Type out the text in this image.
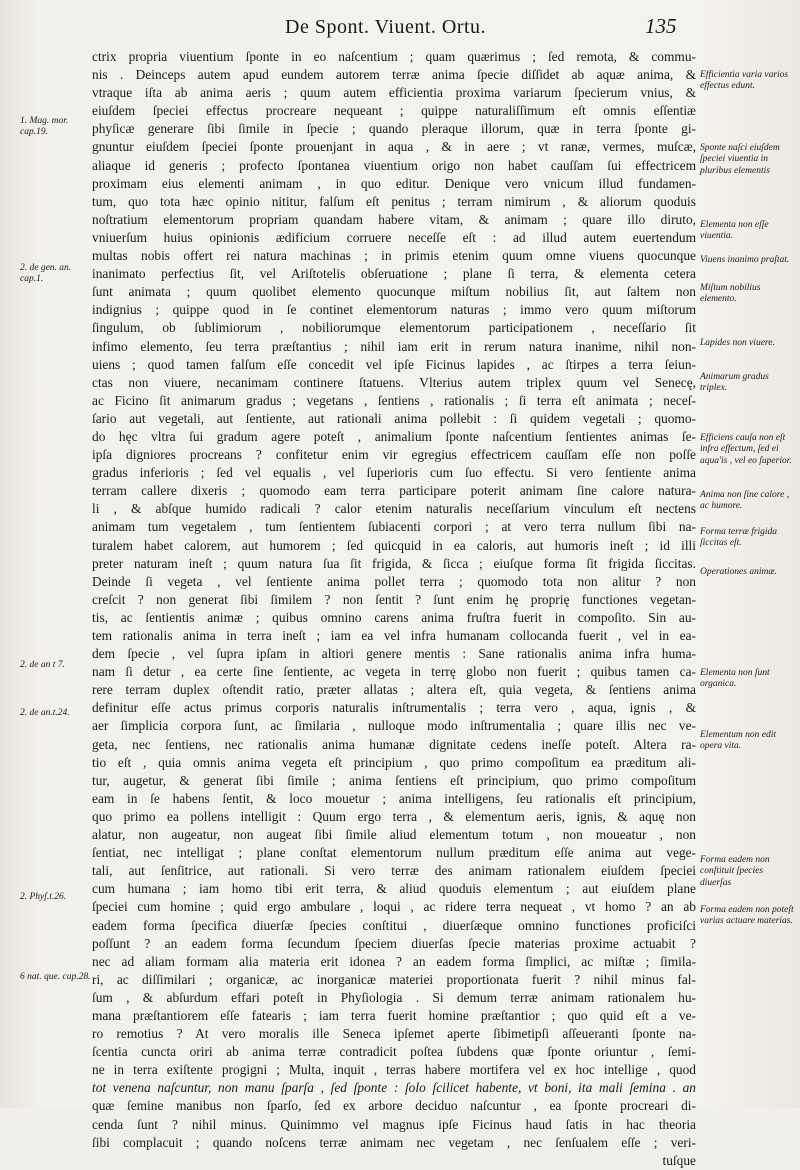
De Spont. Viuent. Ortu.	135
ctrix propria viuentium ſponte in eo naſcentium ; quam quærimus ; ſed remota, & commu-
nis . Deinceps autem apud eundem autorem terræ anima ſpecie diſſidet ab aquæ anima, &
vtraque iſta ab anima aeris ; quum autem efficientia proxima variarum ſpecierum vnius, &
eiuſdem ſpeciei effectus procreare nequeant ; quippe naturaliſſimum eſt omnis eſſentiæ
phyſicæ generare ſibi ſimile in ſpecie ; quando pleraque illorum, quæ in terra ſponte gi-
gnuntur eiuſdem ſpeciei ſponte prouenjant in aqua , & in aere ; vt ranæ, vermes, muſcæ,
aliaque id generis ; profecto ſpontanea viuentium origo non habet cauſſam ſui effectricem
proximam eius elementi animam , in quo editur. Denique vero vnicum illud fundamen-
tum, quo tota hæc opinio nititur, falſum eſt penitus ; terram nimirum , & aliorum quoduis
noſtratium elementorum propriam quandam habere vitam, & animam ; quare illo diruto,
vniuerſum huius opinionis ædificium corruere neceſſe eſt : ad illud autem euertendum
multas nobis offert rei natura machinas ; in primis etenim quum omne viuens quocunque
inanimato perfectius ſit, vel Ariſtotelis obſeruatione ; plane ſi terra, & elementa cetera
ſunt animata ; quum quolibet elemento quocunque miſtum nobilius ſit, aut ſaltem non
indignius ; quippe quod in ſe continet elementorum naturas ; immo vero quum miſtorum
ſingulum, ob ſublimiorum , nobiliorumque elementorum participationem , neceſſario ſit
infimo elemento, ſeu terra præſtantius ; nihil iam erit in rerum natura inanime, nihil non-
uiens ; quod tamen falſum eſſe concedit vel ipſe Ficinus lapides , ac ſtirpes a terra ſeiun-
ctas non viuere, necanimam continere ſtatuens. Vlterius autem triplex quum vel Senecę,
ac Ficino ſit animarum gradus ; vegetans , ſentiens , rationalis ; ſi terra eſt animata ; neceſ-
ſario aut vegetali, aut ſentiente, aut rationali anima pollebit : ſi quidem vegetali ; quomo-
do hęc vltra ſui gradum agere poteſt , animalium ſponte naſcentium ſentientes animas ſe-
ipſa digniores procreans ? confitetur enim vir egregius effectricem cauſſam eſſe non poſſe
gradus inferioris ; ſed vel equalis , vel ſuperioris cum ſuo effectu. Si vero ſentiente anima
terram callere dixeris ; quomodo eam terra participare poterit animam ſine calore natura-
li , & abſque humido radicali ? calor etenim naturalis neceſſarium vinculum eſt nectens
animam tum vegetalem , tum ſentientem ſubiacenti corpori ; at vero terra nullum ſibi na-
turalem habet calorem, aut humorem ; ſed quicquid in ea caloris, aut humoris ineſt ; id illi
preter naturam ineſt ; quum natura ſua ſit frigida, & ſicca ; eiuſque forma ſit frigida ſiccitas.
Deinde ſi vegeta , vel ſentiente anima pollet terra ; quomodo tota non alitur ? non
creſcit ? non generat ſibi ſimilem ? non ſentit ? ſunt enim hę proprię functiones vegetan-
tis, ac ſentientis animæ ; quibus omnino carens anima fruſtra fuerit in compoſito. Sin au-
tem rationalis anima in terra ineſt ; iam ea vel infra humanam collocanda fuerit , vel in ea-
dem ſpecie , vel ſupra ipſam in altiori genere mentis : Sane rationalis anima infra huma-
nam ſi detur , ea certe ſine ſentiente, ac vegeta in terrę globo non fuerit ; quibus tamen ca-
rere terram duplex oſtendit ratio, præter allatas ; altera eſt, quia vegeta, & ſentiens anima
definitur eſſe actus primus corporis naturalis inſtrumentalis ; terra vero , aqua, ignis , &
aer ſimplicia corpora ſunt, ac ſimilaria , nulloque modo inſtrumentalia ; quare illis nec ve-
geta, nec ſentiens, nec rationalis anima humanæ dignitate cedens ineſſe poteſt. Altera ra-
tio eſt , quia omnis anima vegeta eſt principium , quo primo compoſitum ea præditum ali-
tur, augetur, & generat ſibi ſimile ; anima ſentiens eſt principium, quo primo compoſitum
eam in ſe habens ſentit, & loco mouetur ; anima intelligens, ſeu rationalis eſt principium,
quo primo ea pollens intelligit : Quum ergo terra , & elementum aeris, ignis, & aquę non
alatur, non augeatur, non augeat ſibi ſimile aliud elementum totum , non moueatur , non
ſentiat, nec intelligat ; plane conſtat elementorum nullum præditum eſſe anima aut vege-
tali, aut ſenſitrice, aut rationali. Si vero terræ des animam rationalem eiuſdem ſpeciei
cum humana ; iam homo tibi erit terra, & aliud quoduis elementum ; aut eiuſdem plane
ſpeciei cum homine ; quid ergo ambulare , loqui , ac ridere terra nequeat , vt homo ? an ab
eadem forma ſpecifica diuerſæ ſpecies conſtitui , diuerſæque omnino functiones proficiſci
poſſunt ? an eadem forma ſecundum ſpeciem diuerſas ſpecie materias proxime actuabit ?
nec ad aliam formam alia materia erit idonea ? an eadem forma ſimplici, ac miſtæ ; ſimila-
ri, ac diſſimilari ; organicæ, ac inorganicæ materiei proportionata fuerit ? nihil minus fal-
ſum , & abſurdum effari poteſt in Phyſiologia . Si demum terræ animam rationalem hu-
mana præſtantiorem eſſe fatearis ; iam terra fuerit homine præſtantior ; quo quid eſt a ve-
ro remotius ? At vero moralis ille Seneca ipſemet aperte ſibimetipſi aſſeueranti ſponte na-
ſcentia cuncta oriri ab anima terræ contradicit poſtea ſubdens quæ ſponte oriuntur , ſemi-
ne in terra exiſtente progigni ; Multa, inquit , terras habere mortifera vel ex hoc intellige , quod
tot venena naſcuntur, non manu ſparſa , ſed ſponte : ſolo ſcilicet habente, vt boni, ita mali ſemina . an
quæ ſemine manibus non ſparſo, ſed ex arbore deciduo naſcuntur , ea ſponte procreari di-
cenda ſunt ? nihil minus. Quinimmo vel magnus ipſe Ficinus haud ſatis in hac theoria
ſibi complacuit ; quando noſcens terræ animam nec vegetam , nec ſenſualem eſſe ; veri-
tuſque
1. Mag. mor. cap.19.
2. de gen. an. cap.1.
2. de an t 7.
2. de an.t.24.
2. Phyſ.t.26.
6 nat. que. cap.28.
Efficientia varia varios effectus edunt.
Sponte naſci eiuſdem ſpeciei viuentia in pluribus elementis
Elementa non eſſe viuentia.
Viuens inanimo praſtat.
Miſtum nobilius elemento.
Lapides non viuere.
Animarum gradus triplex.
Efficiens cauſa non eſt infra effectum, ſed ei aqua'is , vel eo ſuperior.
Anima non ſine calore , ac humore.
Forma terræ frigida ſiccitas eſt.
Operationes animæ.
Elementa non ſunt organica.
Elementum non edit opera vita.
Forma eadem non conſtituit ſpecies diuerſas
Forma eadem non poteſt varias actuare materias.
